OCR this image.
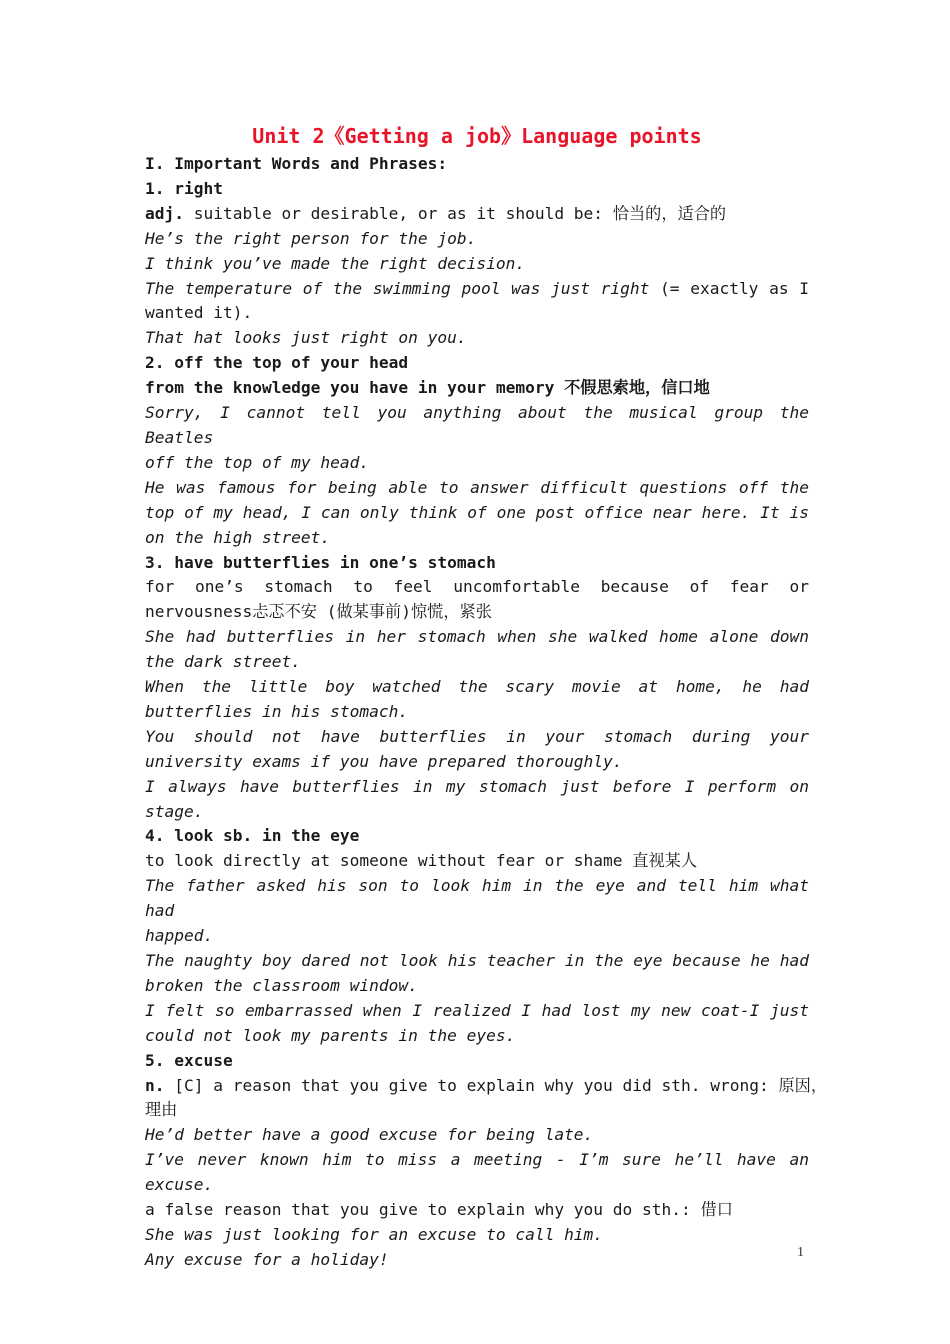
Unit 2《Getting a job》Language points
I. Important Words and Phrases:
1. right
adj. suitable or desirable, or as it should be: 恰当的，适合的
He’s the right person for the job.
I think you’ve made the right decision.
The temperature of the swimming pool was just right (= exactly as I
wanted it).
That hat looks just right on you.
2. off the top of your head
from the knowledge you have in your memory 不假思索地，信口地
Sorry, I cannot tell you anything about the musical group the Beatles
off the top of my head.
He was famous for being able to answer difficult questions off the
top of my head, I can only think of one post office near here. It is
on the high street.
3. have butterflies in one’s stomach
for one’s stomach to feel uncomfortable because of fear or
nervousness忐忑不安 (做某事前)惊慌，紧张
She had butterflies in her stomach when she walked home alone down
the dark street.
When the little boy watched the scary movie at home, he had
butterflies in his stomach.
You should not have butterflies in your stomach during your
university exams if you have prepared thoroughly.
I always have butterflies in my stomach just before I perform on
stage.
4. look sb. in the eye
to look directly at someone without fear or shame 直视某人
The father asked his son to look him in the eye and tell him what had
happed.
The naughty boy dared not look his teacher in the eye because he had
broken the classroom window.
I felt so embarrassed when I realized I had lost my new coat-I just
could not look my parents in the eyes.
5. excuse
n. [C] a reason that you give to explain why you did sth. wrong: 原因，
理由
He’d better have a good excuse for being late.
I’ve never known him to miss a meeting - I’m sure he’ll have an
excuse.
a false reason that you give to explain why you do sth.: 借口
She was just looking for an excuse to call him.
Any excuse for a holiday!	1
